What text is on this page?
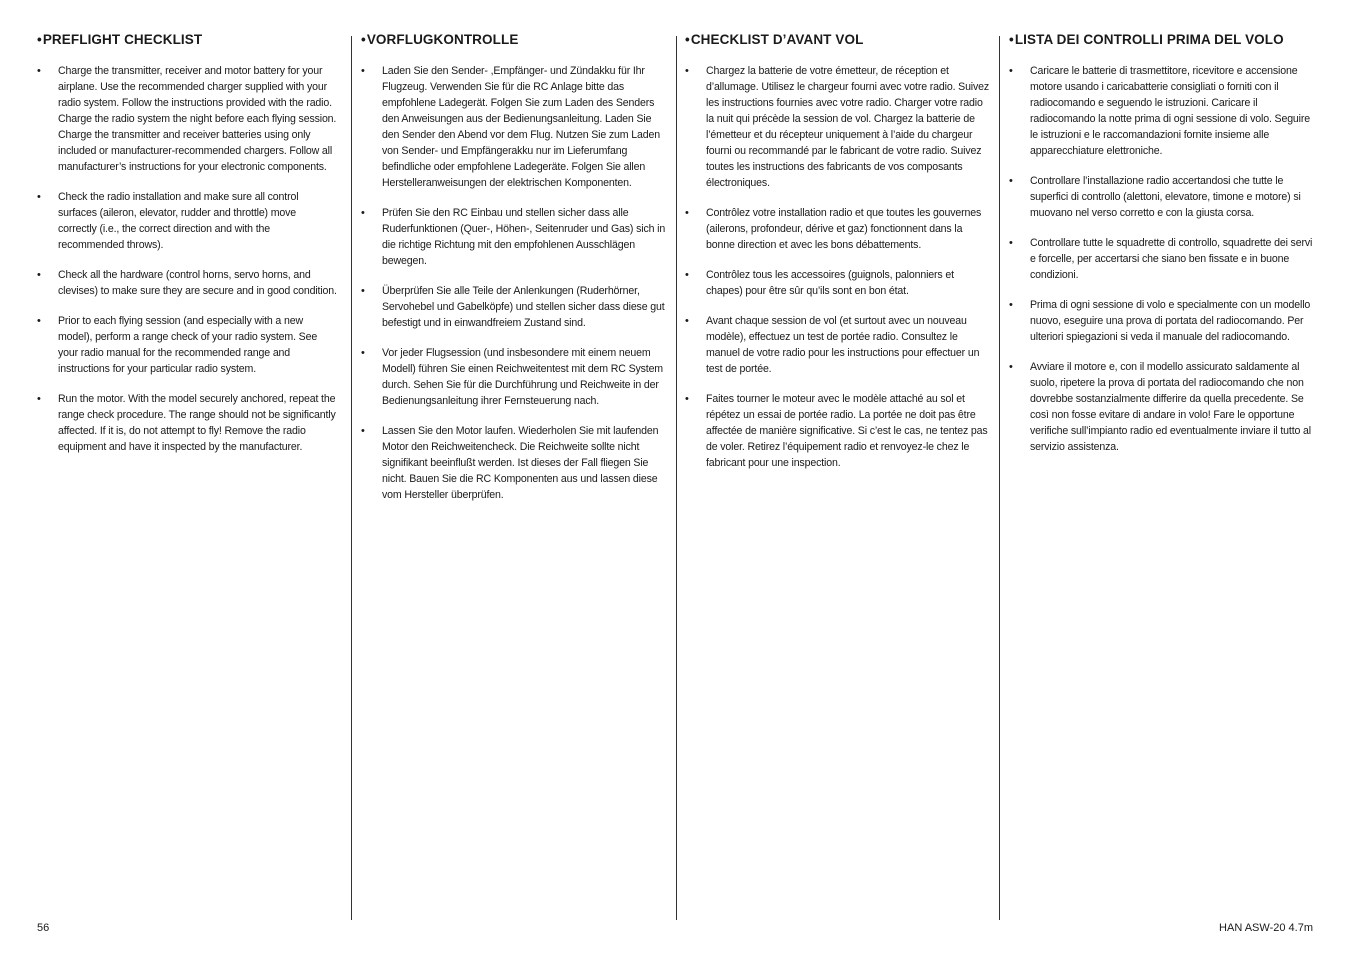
•PREFLIGHT CHECKLIST
• Charge the transmitter, receiver and motor battery for your airplane. Use the recommended charger supplied with your radio system. Follow the instructions provided with the radio. Charge the radio system the night before each flying session. Charge the transmitter and receiver batteries using only included or manufacturer-recommended chargers. Follow all manufacturer’s instructions for your electronic components.
• Check the radio installation and make sure all control surfaces (aileron, elevator, rudder and throttle) move correctly (i.e., the correct direction and with the recommended throws).
• Check all the hardware (control horns, servo horns, and clevises) to make sure they are secure and in good condition.
• Prior to each flying session (and especially with a new model), perform a range check of your radio system. See your radio manual for the recommended range and instructions for your particular radio system.
• Run the motor. With the model securely anchored, repeat the range check procedure. The range should not be significantly affected. If it is, do not attempt to fly! Remove the radio equipment and have it inspected by the manufacturer.
•VORFLUGKONTROLLE
• Laden Sie den Sender- ,Empfänger- und Zündakku für Ihr Flugzeug. Verwenden Sie für die RC Anlage bitte das empfohlene Ladegerät. Folgen Sie zum Laden des Senders den Anweisungen aus der Bedienungsanleitung. Laden Sie den Sender den Abend vor dem Flug. Nutzen Sie zum Laden von Sender- und Empfängerakku nur im Lieferumfang befindliche oder empfohlene Ladegeräte. Folgen Sie allen Herstelleranweisungen der elektrischen Komponenten.
• Prüfen Sie den RC Einbau und stellen sicher dass alle Ruderfunktionen (Quer-, Höhen-, Seitenruder und Gas) sich in die richtige Richtung mit den empfohlenen Ausschlägen bewegen.
• Überprüfen Sie alle Teile der Anlenkungen (Ruderhörner, Servohebel und Gabelköpfe) und stellen sicher dass diese gut befestigt und in einwandfreiem Zustand sind.
• Vor jeder Flugsession (und insbesondere mit einem neuem Modell) führen Sie einen Reichweitentest mit dem RC System durch. Sehen Sie für die Durchführung und Reichweite in der Bedienungsanleitung ihrer Fernsteuerung nach.
• Lassen Sie den Motor laufen. Wiederholen Sie mit laufenden Motor den Reichweitencheck. Die Reichweite sollte nicht signifikant beeinflußt werden. Ist dieses der Fall fliegen Sie nicht. Bauen Sie die RC Komponenten aus und lassen diese vom Hersteller überprüfen.
•CHECKLIST D’AVANT VOL
• Chargez la batterie de votre émetteur, de réception et d’allumage. Utilisez le chargeur fourni avec votre radio. Suivez les instructions fournies avec votre radio. Charger votre radio la nuit qui précède la session de vol. Chargez la batterie de l’émetteur et du récepteur uniquement à l’aide du chargeur fourni ou recommandé par le fabricant de votre radio. Suivez toutes les instructions des fabricants de vos composants électroniques.
• Contrôlez votre installation radio et que toutes les gouvernes (ailerons, profondeur, dérive et gaz) fonctionnent dans la bonne direction et avec les bons débattements.
• Contrôlez tous les accessoires (guignols, palonniers et chapes) pour être sûr qu’ils sont en bon état.
• Avant chaque session de vol (et surtout avec un nouveau modèle), effectuez un test de portée radio. Consultez le manuel de votre radio pour les instructions pour effectuer un test de portée.
• Faites tourner le moteur avec le modèle attaché au sol et répétez un essai de portée radio. La portée ne doit pas être affectée de manière significative. Si c’est le cas, ne tentez pas de voler. Retirez l’équipement radio et renvoyez-le chez le fabricant pour une inspection.
•LISTA DEI CONTROLLI PRIMA DEL VOLO
• Caricare le batterie di trasmettitore, ricevitore e accensione motore usando i caricabatterie consigliati o forniti con il radiocomando e seguendo le istruzioni. Caricare il radiocomando la notte prima di ogni sessione di volo. Seguire le istruzioni e le raccomandazioni fornite insieme alle apparecchiature elettroniche.
• Controllare l’installazione radio accertandosi che tutte le superfici di controllo (alettoni, elevatore, timone e motore) si muovano nel verso corretto e con la giusta corsa.
• Controllare tutte le squadrette di controllo, squadrette dei servi e forcelle, per accertarsi che siano ben fissate e in buone condizioni.
• Prima di ogni sessione di volo e specialmente con un modello nuovo, eseguire una prova di portata del radiocomando. Per ulteriori spiegazioni si veda il manuale del radiocomando.
• Avviare il motore e, con il modello assicurato saldamente al suolo, ripetere la prova di portata del radiocomando che non dovrebbe sostanzialmente differire da quella precedente. Se così non fosse evitare di andare in volo! Fare le opportune verifiche sull’impianto radio ed eventualmente inviare il tutto al servizio assistenza.
56	HAN ASW-20 4.7m
